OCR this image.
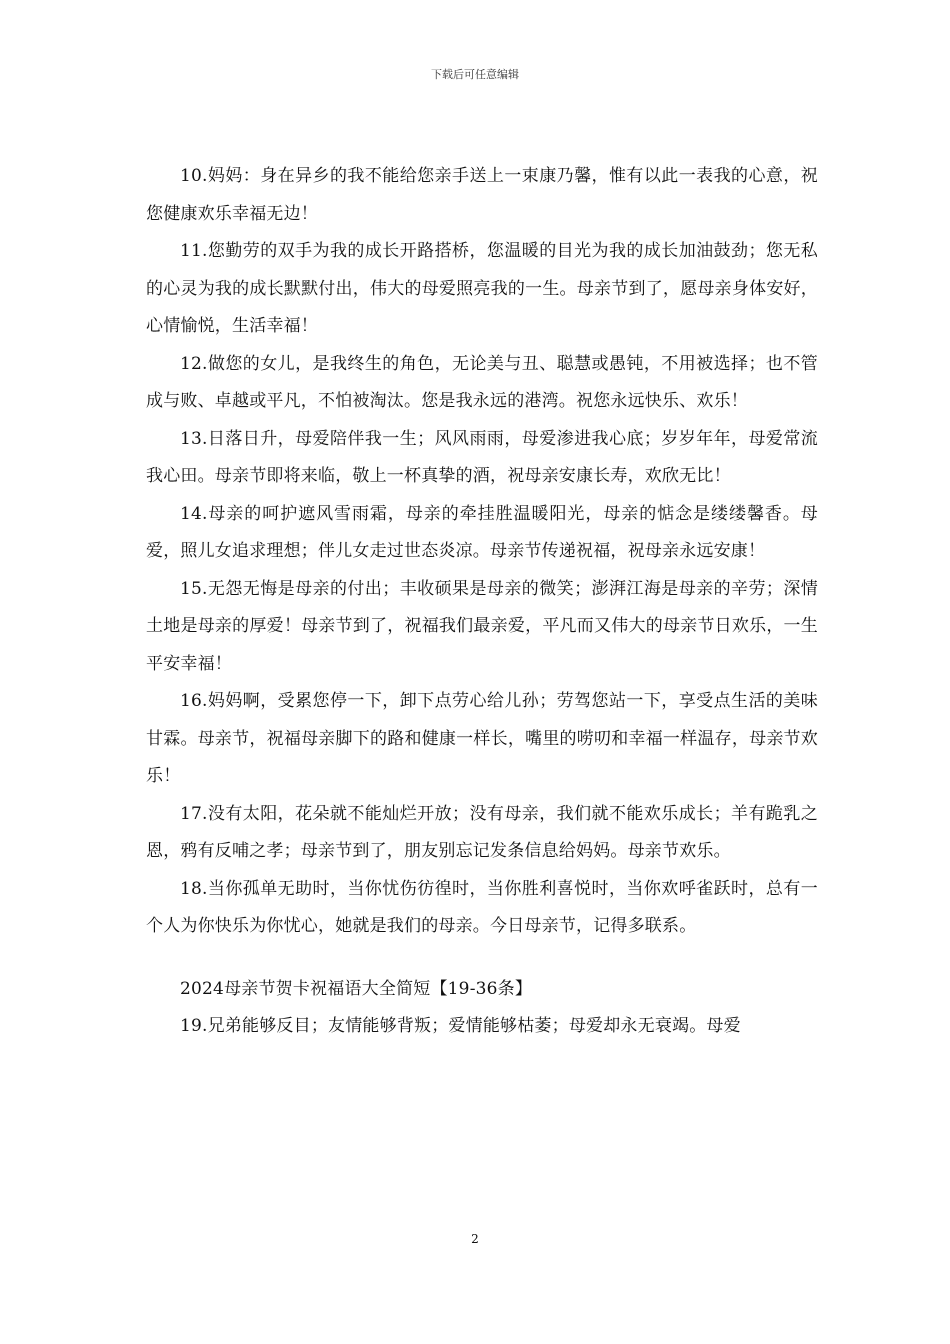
下载后可任意编辑

10.妈妈：身在异乡的我不能给您亲手送上一束康乃馨，惟有以此一表我的心意，祝您健康欢乐幸福无边！

11.您勤劳的双手为我的成长开路搭桥，您温暖的目光为我的成长加油鼓劲；您无私的心灵为我的成长默默付出，伟大的母爱照亮我的一生。母亲节到了，愿母亲身体安好，心情愉悦，生活幸福！

12.做您的女儿，是我终生的角色，无论美与丑、聪慧或愚钝，不用被选择；也不管成与败、卓越或平凡，不怕被淘汰。您是我永远的港湾。祝您永远快乐、欢乐！

13.日落日升，母爱陪伴我一生；风风雨雨，母爱渗进我心底；岁岁年年，母爱常流我心田。母亲节即将来临，敬上一杯真挚的酒，祝母亲安康长寿，欢欣无比！

14.母亲的呵护遮风雪雨霜，母亲的牵挂胜温暖阳光，母亲的惦念是缕缕馨香。母爱，照儿女追求理想；伴儿女走过世态炎凉。母亲节传递祝福，祝母亲永远安康！

15.无怨无悔是母亲的付出；丰收硕果是母亲的微笑；澎湃江海是母亲的辛劳；深情土地是母亲的厚爱！母亲节到了，祝福我们最亲爱，平凡而又伟大的母亲节日欢乐，一生平安幸福！

16.妈妈啊，受累您停一下，卸下点劳心给儿孙；劳驾您站一下，享受点生活的美味甘霖。母亲节，祝福母亲脚下的路和健康一样长，嘴里的唠叨和幸福一样温存，母亲节欢乐！

17.没有太阳，花朵就不能灿烂开放；没有母亲，我们就不能欢乐成长；羊有跪乳之恩，鸦有反哺之孝；母亲节到了，朋友别忘记发条信息给妈妈。母亲节欢乐。

18.当你孤单无助时，当你忧伤彷徨时，当你胜利喜悦时，当你欢呼雀跃时，总有一个人为你快乐为你忧心，她就是我们的母亲。今日母亲节，记得多联系。

2024母亲节贺卡祝福语大全简短【19-36条】

19.兄弟能够反目；友情能够背叛；爱情能够枯萎；母爱却永无衰竭。母爱

2
